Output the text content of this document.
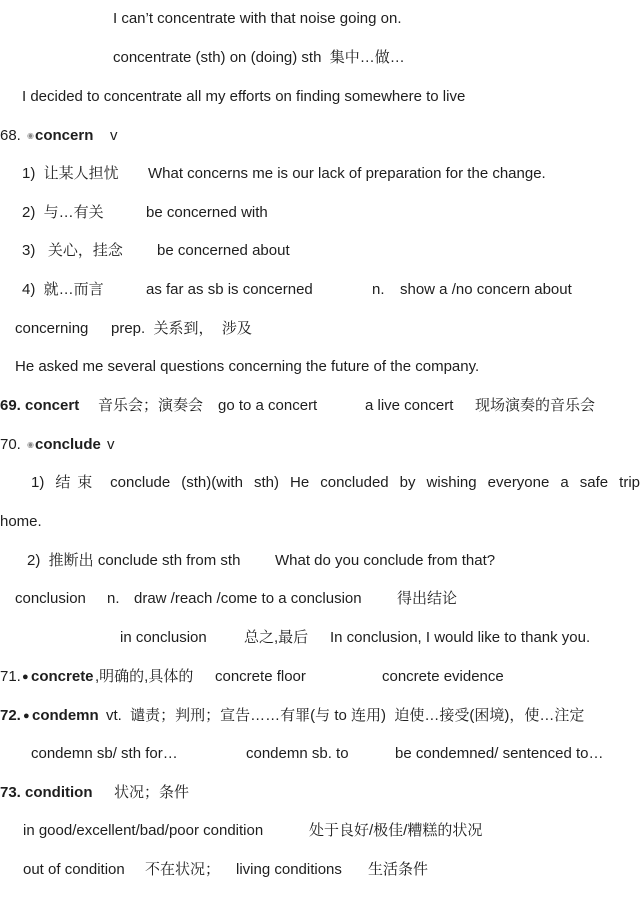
I can’t concentrate with that noise going on.
concentrate (sth) on (doing) sth  集中…做…
I decided to concentrate all my efforts on finding somewhere to live
68. ◉ concern v
1)  让某人担忧 What concerns me is our lack of preparation for the change.
2)  与…有关	be concerned with
3)   关心，挂念 be concerned about
4)  就…而言	as far as sb is concerned	n. show a /no concern about
concerning prep.  关系到，  涉及
He asked me several questions concerning the future of the company.
69. concert 音乐会；演奏会 go to a concert	a live concert 现场演奏的音乐会
70. ◉ conclude v
1) 结束 conclude (sth)(with sth) He concluded by wishing everyone a safe trip
home.
2)  推断出 conclude sth from sth What do you conclude from that?
conclusion n. draw /reach /come to a conclusion 得出结论
in conclusion 总之,最后 In conclusion, I would like to thank you.
71. ● concrete ,明确的,具体的 concrete floor	concrete evidence
72. ● condemn vt.  谴责；判刑；宣告……有罪(与 to 连用)  迫使…接受(困境)，使…注定
condemn sb/ sth for…	condemn sb. to	be condemned/ sentenced to…
73. condition 状况；条件
in good/excellent/bad/poor condition	处于良好/极佳/糟糕的状况
out of condition 不在状况； living conditions 生活条件
